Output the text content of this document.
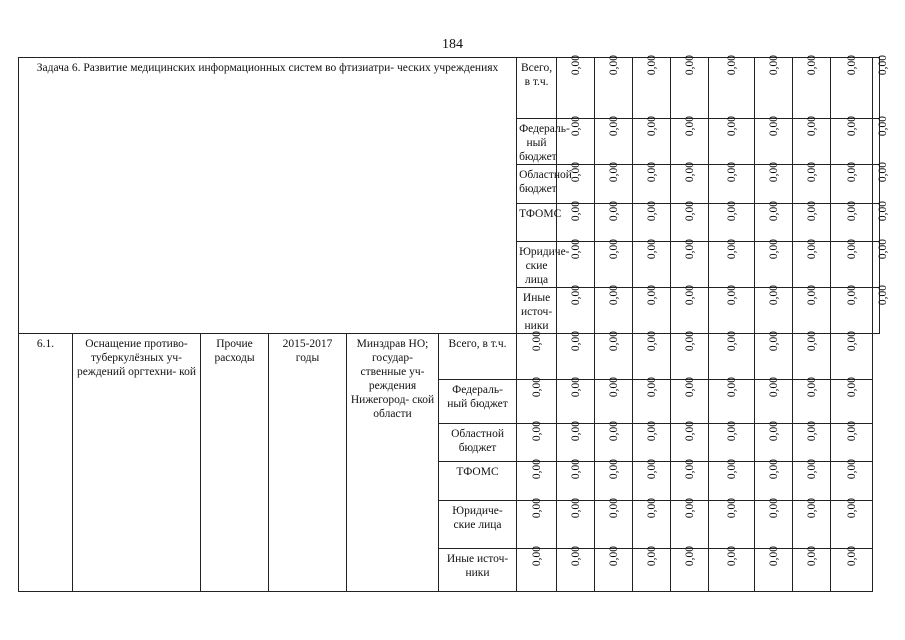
184
Задача 6. Развитие медицинских информационных систем во фтизиатри- ческих учреждениях						Всего, в т.ч.	0,00	0,00	0,00	0,00	0,00	0,00	0,00	0,00	0,00
						Федераль- ный бюджет	0,00	0,00	0,00	0,00	0,00	0,00	0,00	0,00	0,00
						Областной бюджет	0,00	0,00	0,00	0,00	0,00	0,00	0,00	0,00	0,00
						ТФОМС	0,00	0,00	0,00	0,00	0,00	0,00	0,00	0,00	0,00
						Юридиче- ские лица	0,00	0,00	0,00	0,00	0,00	0,00	0,00	0,00	0,00
						Иные источ- ники	0,00	0,00	0,00	0,00	0,00	0,00	0,00	0,00	0,00
6.1.	Оснащение противо- туберкулёзных уч- реждений оргтехни- кой	Прочие расходы	2015-2017 годы	Минздрав НО; государ- ственные уч- реждения Нижегород- ской области	Всего, в т.ч.	0,00	0,00	0,00	0,00	0,00	0,00	0,00	0,00	0,00	
					Федераль- ный бюджет	0,00	0,00	0,00	0,00	0,00	0,00	0,00	0,00	0,00	
					Областной бюджет	0,00	0,00	0,00	0,00	0,00	0,00	0,00	0,00	0,00	
					ТФОМС	0,00	0,00	0,00	0,00	0,00	0,00	0,00	0,00	0,00	
					Юридиче- ские лица	0,00	0,00	0,00	0,00	0,00	0,00	0,00	0,00	0,00	
					Иные источ- ники	0,00	0,00	0,00	0,00	0,00	0,00	0,00	0,00	0,00	
